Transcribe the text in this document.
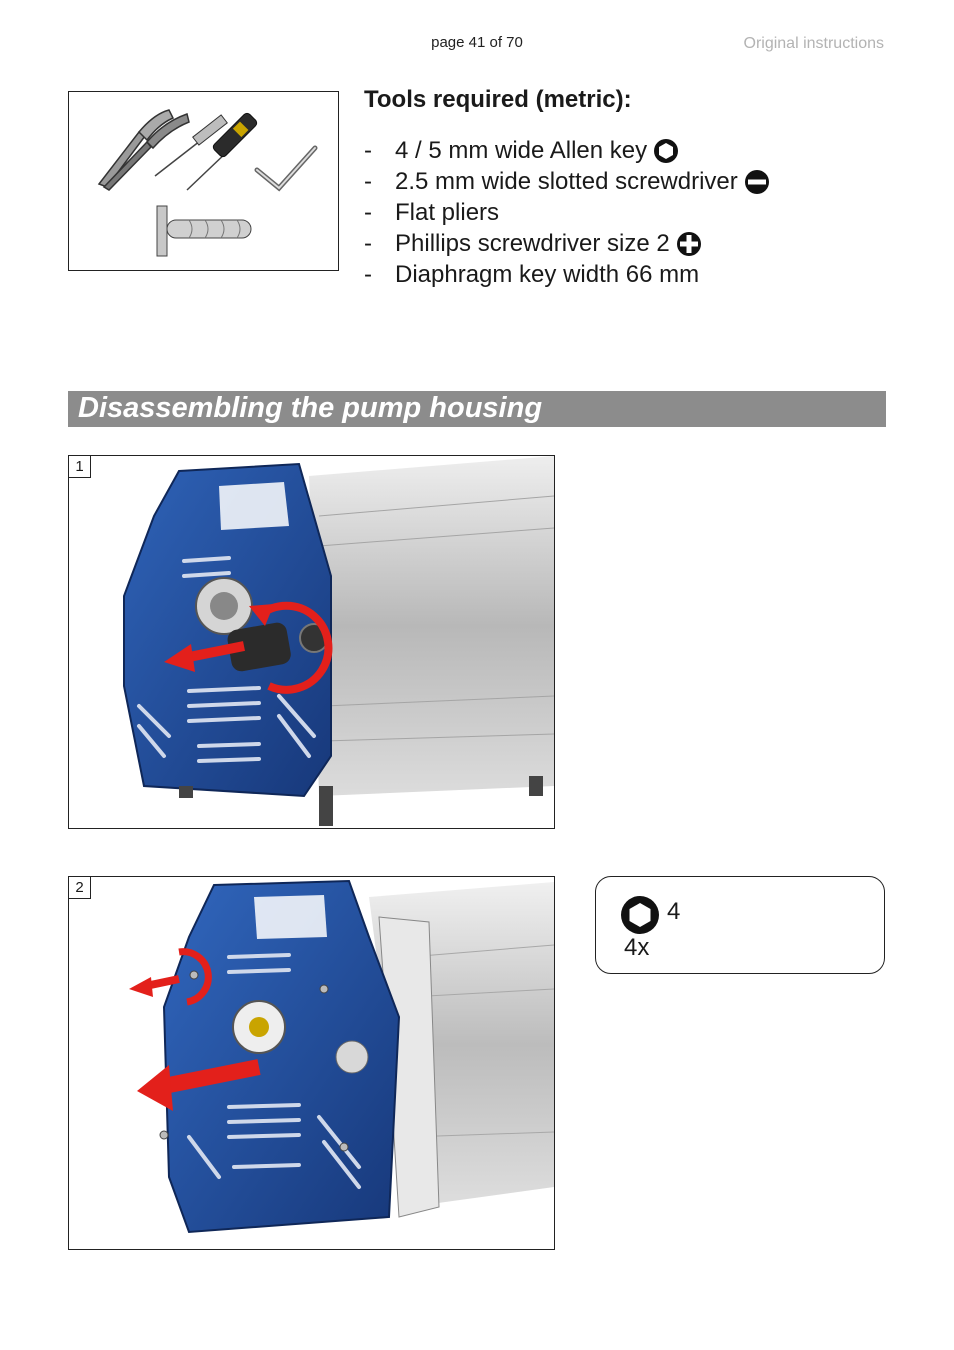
page 41 of 70	Original instructions
Tools required (metric):
- 4 / 5 mm wide Allen key
- 2.5 mm wide slotted screwdriver
- Flat pliers
- Phillips screwdriver size 2
- Diaphragm key width 66 mm
Disassembling the pump housing
1
2
4
4x
